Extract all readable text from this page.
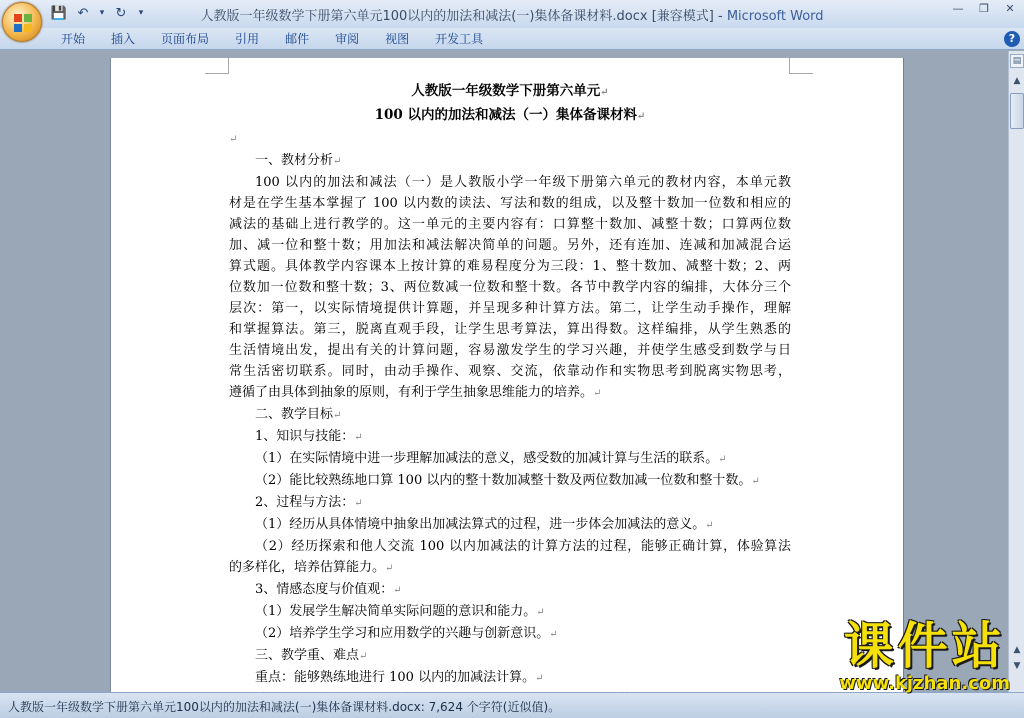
💾 ↶	▾ ↻	▾	人教版一年级数学下册第六单元100以内的加法和减法(一)集体备课材料.docx [兼容模式] - Microsoft Word
— ❐	✕
开始	插入	页面布局	引用	邮件	审阅	视图	开发工具	?
人教版一年级数学下册第六单元↵
100 以内的加法和减法（一）集体备课材料↵
↵
一、教材分析↵
100 以内的加法和减法（一）是人教版小学一年级下册第六单元的教材内容，本单元教
材是在学生基本掌握了 100 以内数的读法、写法和数的组成，以及整十数加一位数和相应的
减法的基础上进行教学的。这一单元的主要内容有：口算整十数加、减整十数；口算两位数
加、减一位和整十数；用加法和减法解决简单的问题。另外，还有连加、连减和加减混合运
算式题。具体教学内容课本上按计算的难易程度分为三段：1、整十数加、减整十数；2、两
位数加一位数和整十数；3、两位数减一位数和整十数。各节中教学内容的编排，大体分三个
层次：第一，以实际情境提供计算题，并呈现多种计算方法。第二，让学生动手操作，理解
和掌握算法。第三，脱离直观手段，让学生思考算法，算出得数。这样编排，从学生熟悉的
生活情境出发，提出有关的计算问题，容易激发学生的学习兴趣，并使学生感受到数学与日
常生活密切联系。同时，由动手操作、观察、交流，依靠动作和实物思考到脱离实物思考，
遵循了由具体到抽象的原则，有利于学生抽象思维能力的培养。↵
二、教学目标↵
1、知识与技能：↵
（1）在实际情境中进一步理解加减法的意义，感受数的加减计算与生活的联系。↵
（2）能比较熟练地口算 100 以内的整十数加减整十数及两位数加减一位数和整十数。↵
2、过程与方法：↵
（1）经历从具体情境中抽象出加减法算式的过程，进一步体会加减法的意义。↵
（2）经历探索和他人交流 100 以内加减法的计算方法的过程，能够正确计算，体验算法
的多样化，培养估算能力。↵
3、情感态度与价值观：↵
（1）发展学生解决简单实际问题的意识和能力。↵
（2）培养学生学习和应用数学的兴趣与创新意识。↵
三、教学重、难点↵
重点：能够熟练地进行 100 以内的加减法计算。↵
▤
▲
▲
▼
人教版一年级数学下册第六单元100以内的加法和减法(一)集体备课材料.docx: 7,624 个字符(近似值)。
课件站
www.kjzhan.com
